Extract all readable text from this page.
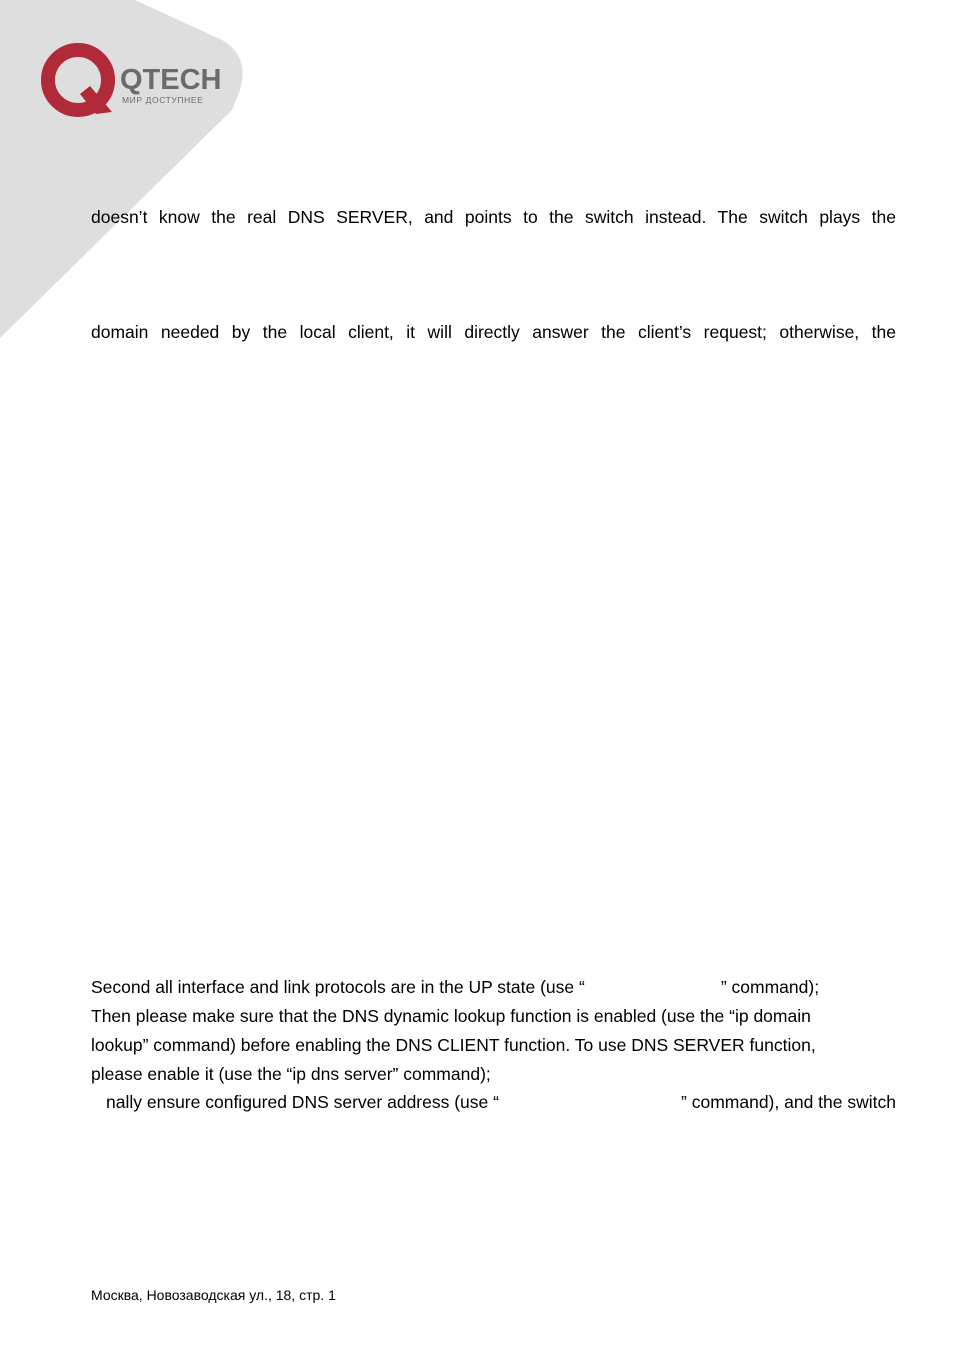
QTECH
МИР ДОСТУПНЕЕ
doesn’t know the real DNS SERVER, and points to the switch instead. The switch plays the
domain needed by the local client, it will directly answer the client’s request; otherwise, the
Second all interface and link protocols are in the UP state (use “	” command);
Then please make sure that the DNS dynamic lookup function is enabled (use the “ip domain
lookup” command) before enabling the DNS CLIENT function. To use DNS SERVER function,
please enable it (use the “ip dns server” command);
nally ensure configured DNS server address (use “	” command), and the switch
Москва, Новозаводская ул., 18, стр. 1
